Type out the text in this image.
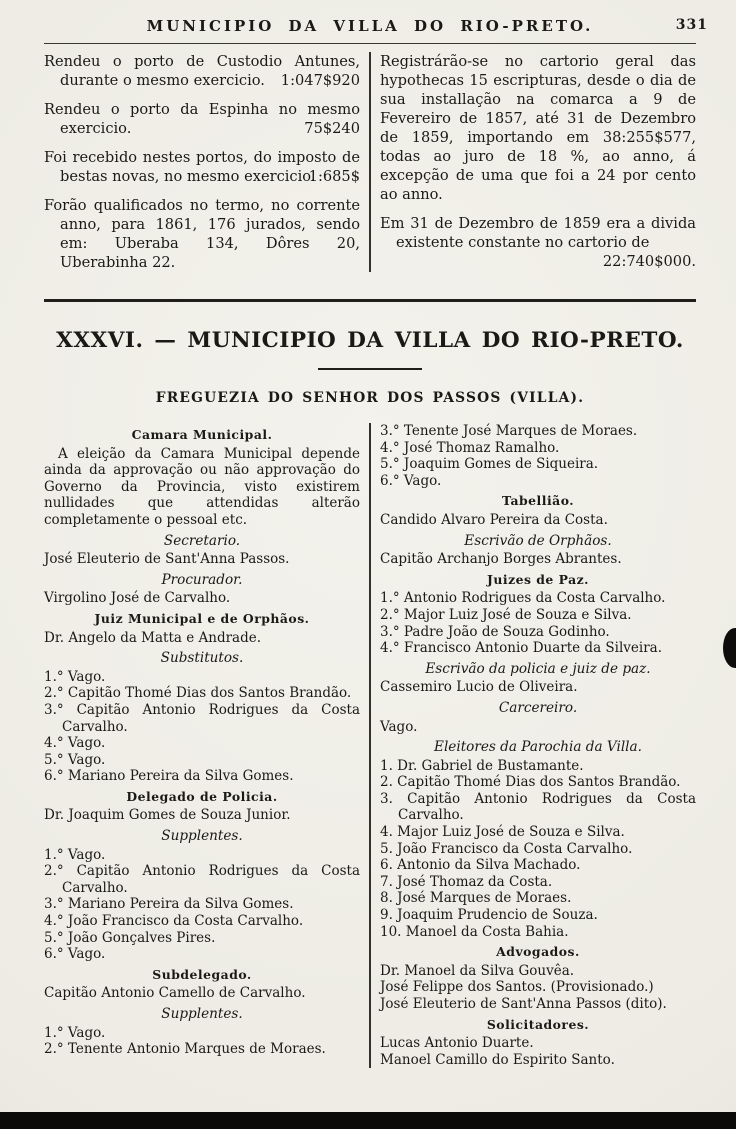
MUNICIPIO DA VILLA DO RIO-PRETO.	331
Rendeu o porto de Custodio Antunes, durante o mesmo exercicio. 1:047$920
Rendeu o porto da Espinha no mesmo exercicio.	75$240
Foi recebido nestes portos, do imposto de bestas novas, no mesmo exercicio.
1:685$
Forão qualificados no termo, no corrente anno, para 1861, 176 jurados, sendo em: Uberaba 134, Dôres 20, Uberabinha 22.
Registrárão-se no cartorio geral das hypothecas 15 escripturas, desde o dia de sua installação na comarca a 9 de Fevereiro de 1857, até 31 de Dezembro de 1859, importando em 38:255$577, todas ao juro de 18 %, ao anno, á excepção de uma que foi a 24 por cento ao anno.
Em 31 de Dezembro de 1859 era a divida existente constante no cartorio de
22:740$000.
XXXVI. — MUNICIPIO DA VILLA DO RIO-PRETO.
FREGUEZIA DO SENHOR DOS PASSOS (VILLA).
Camara Municipal.
A eleição da Camara Municipal depende ainda da approvação ou não approvação do Governo da Provincia, visto existirem nullidades que attendidas alterão completamente o pessoal etc.
Secretario.
José Eleuterio de Sant'Anna Passos.
Procurador.
Virgolino José de Carvalho.
Juiz Municipal e de Orphãos.
Dr. Angelo da Matta e Andrade.
Substitutos.
1.° Vago.
2.° Capitão Thomé Dias dos Santos Brandão.
3.° Capitão Antonio Rodrigues da Costa Carvalho.
4.° Vago.
5.° Vago.
6.° Mariano Pereira da Silva Gomes.
Delegado de Policia.
Dr. Joaquim Gomes de Souza Junior.
Supplentes.
1.° Vago.
2.° Capitão Antonio Rodrigues da Costa Carvalho.
3.° Mariano Pereira da Silva Gomes.
4.° João Francisco da Costa Carvalho.
5.° João Gonçalves Pires.
6.° Vago.
Subdelegado.
Capitão Antonio Camello de Carvalho.
Supplentes.
1.° Vago.
2.° Tenente Antonio Marques de Moraes.
3.° Tenente José Marques de Moraes.
4.° José Thomaz Ramalho.
5.° Joaquim Gomes de Siqueira.
6.° Vago.
Tabellião.
Candido Alvaro Pereira da Costa.
Escrivão de Orphãos.
Capitão Archanjo Borges Abrantes.
Juizes de Paz.
1.° Antonio Rodrigues da Costa Carvalho.
2.° Major Luiz José de Souza e Silva.
3.° Padre João de Souza Godinho.
4.° Francisco Antonio Duarte da Silveira.
Escrivão da policia e juiz de paz.
Cassemiro Lucio de Oliveira.
Carcereiro.
Vago.
Eleitores da Parochia da Villa.
1. Dr. Gabriel de Bustamante.
2. Capitão Thomé Dias dos Santos Brandão.
3. Capitão Antonio Rodrigues da Costa Carvalho.
4. Major Luiz José de Souza e Silva.
5. João Francisco da Costa Carvalho.
6. Antonio da Silva Machado.
7. José Thomaz da Costa.
8. José Marques de Moraes.
9. Joaquim Prudencio de Souza.
10. Manoel da Costa Bahia.
Advogados.
Dr. Manoel da Silva Gouvêa.
José Felippe dos Santos. (Provisionado.)
José Eleuterio de Sant'Anna Passos (dito).
Solicitadores.
Lucas Antonio Duarte.
Manoel Camillo do Espirito Santo.
